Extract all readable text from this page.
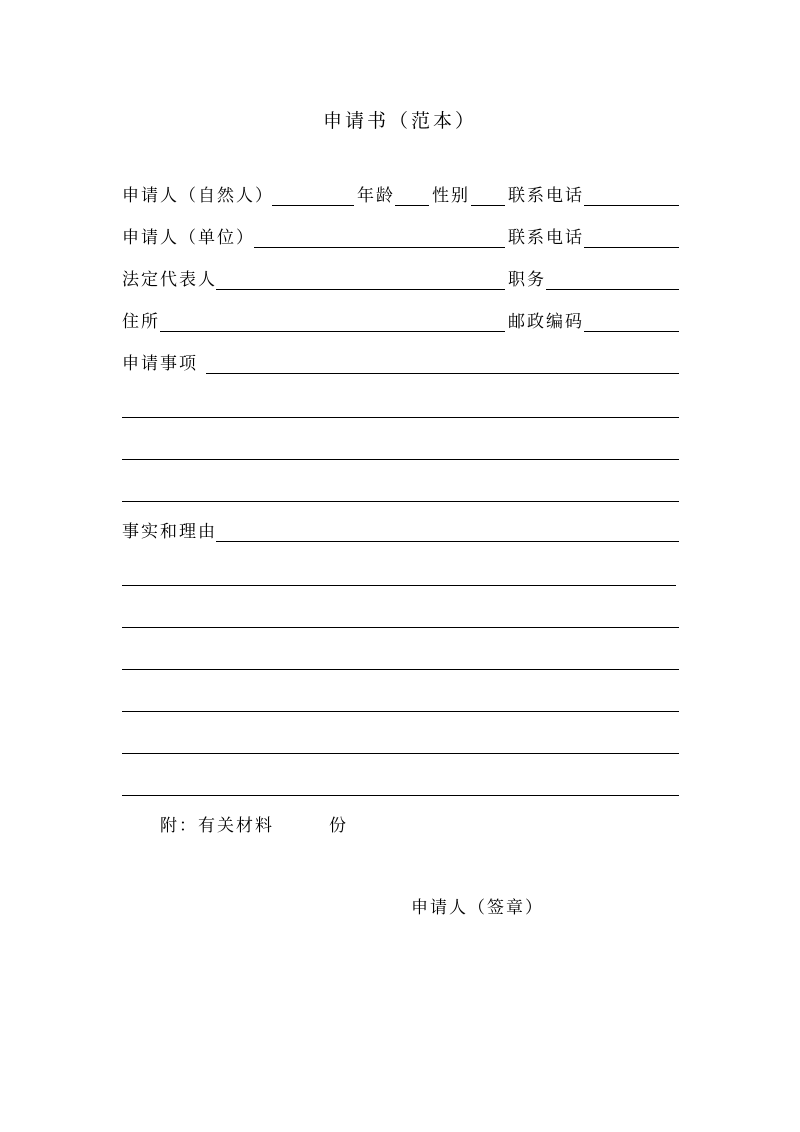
申请书（范本）
申请人（自然人）	年龄 性别 联系电话
申请人（单位）	联系电话
法定代表人	职务
住所	邮政编码
申请事项
事实和理由
附：有关材料	份
申请人（签章）
